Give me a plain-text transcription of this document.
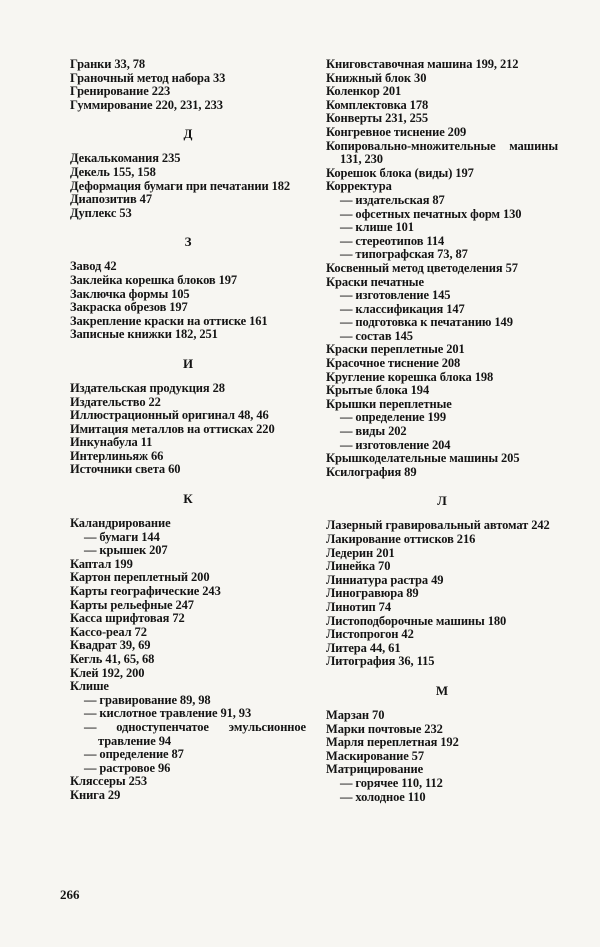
Гранки 33, 78
Граночный метод набора 33
Гренирование 223
Гуммирование 220, 231, 233
Д
Декалькомания 235
Декель 155, 158
Деформация бумаги при печатании 182
Диапозитив 47
Дуплекс 53
З
Завод 42
Заклейка корешка блоков 197
Заключка формы 105
Закраска обрезов 197
Закрепление краски на оттиске 161
Записные книжки 182, 251
И
Издательская продукция 28
Издательство 22
Иллюстрационный оригинал 48, 46
Имитация металлов на оттисках 220
Инкунабула 11
Интерлиньяж 66
Источники света 60
К
Каландрирование
— бумаги 144
— крышек 207
Каптал 199
Картон переплетный 200
Карты географические 243
Карты рельефные 247
Касса шрифтовая 72
Кассо-реал 72
Квадрат 39, 69
Кегль 41, 65, 68
Клей 192, 200
Клише
— гравирование 89, 98
— кислотное травление 91, 93
— одноступенчатое эмульсионное травление 94
— определение 87
— растровое 96
Кляссеры 253
Книга 29
Книговставочная машина 199, 212
Книжный блок 30
Коленкор 201
Комплектовка 178
Конверты 231, 255
Конгревное тиснение 209
Копировально-множительные машины 131, 230
Корешок блока (виды) 197
Корректура
— издательская 87
— офсетных печатных форм 130
— клише 101
— стереотипов 114
— типографская 73, 87
Косвенный метод цветоделения 57
Краски печатные
— изготовление 145
— классификация 147
— подготовка к печатанию 149
— состав 145
Краски переплетные 201
Красочное тиснение 208
Кругление корешка блока 198
Крытые блока 194
Крышки переплетные
— определение 199
— виды 202
— изготовление 204
Крышкоделательные машины 205
Ксилография 89
Л
Лазерный гравировальный автомат 242
Лакирование оттисков 216
Ледерин 201
Линейка 70
Линиатура растра 49
Линогравюра 89
Линотип 74
Листоподборочные машины 180
Листопрогон 42
Литера 44, 61
Литография 36, 115
М
Марзан 70
Марки почтовые 232
Марля переплетная 192
Маскирование 57
Матрицирование
— горячее 110, 112
— холодное 110
266
